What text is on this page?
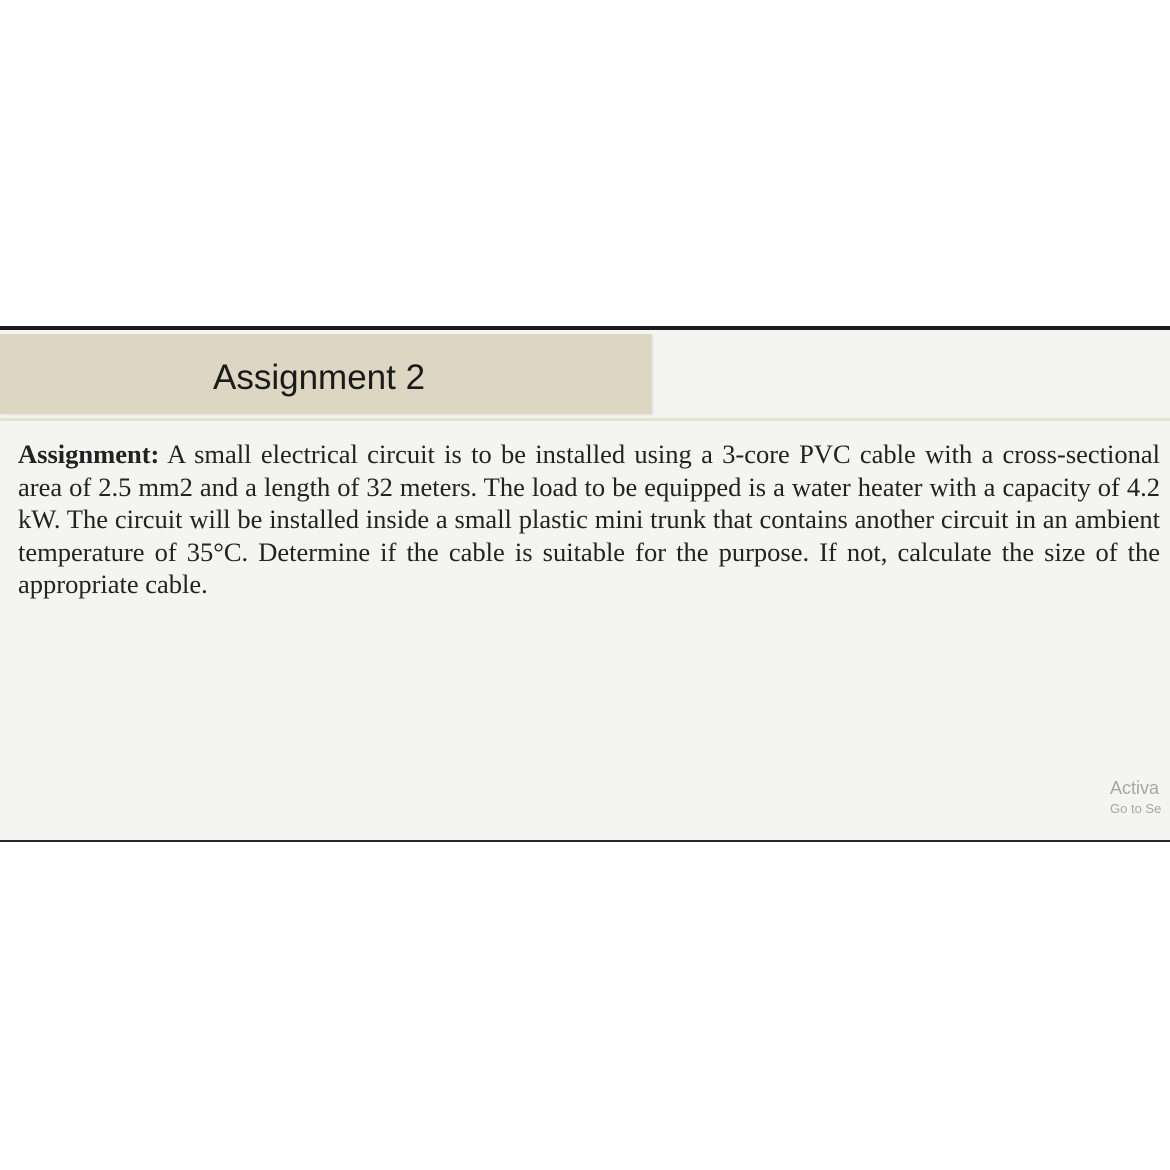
Assignment 2
Assignment: A small electrical circuit is to be installed using a 3-core PVC cable with a cross-sectional area of 2.5 mm2 and a length of 32 meters. The load to be equipped is a water heater with a capacity of 4.2 kW. The circuit will be installed inside a small plastic mini trunk that contains another circuit in an ambient temperature of 35°C. Determine if the cable is suitable for the purpose. If not, calculate the size of the appropriate cable.
Activa
Go to Se
